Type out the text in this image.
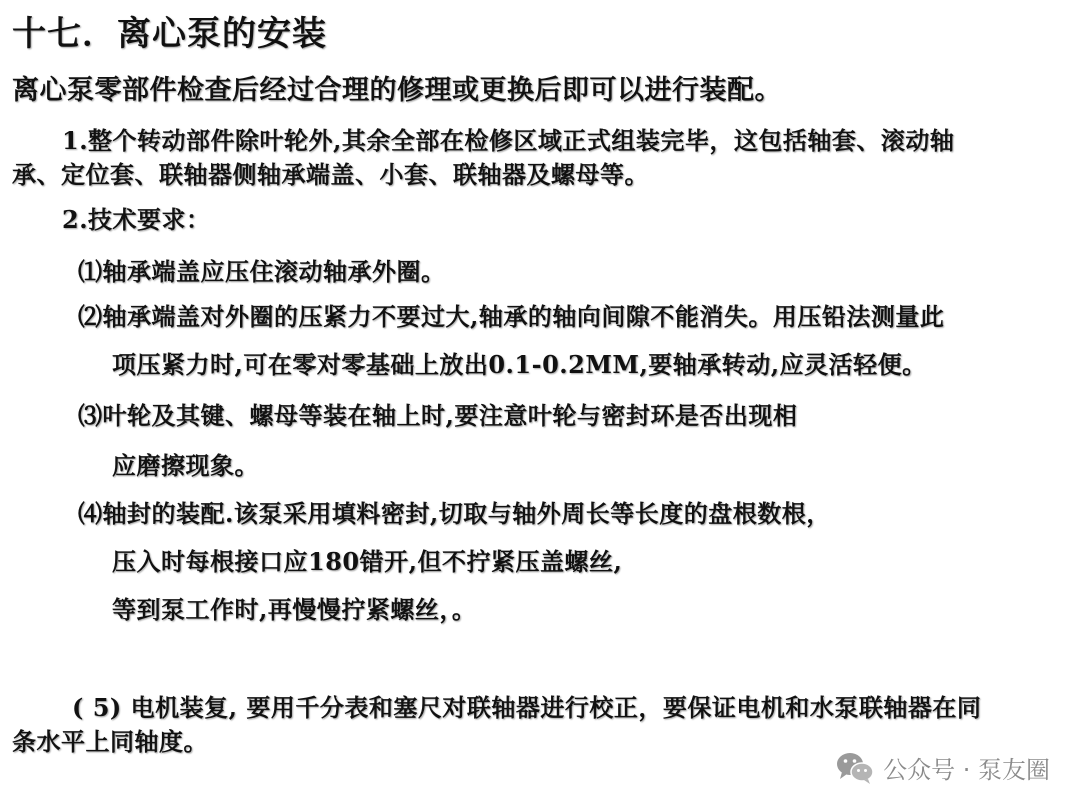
十七．离心泵的安装
离心泵零部件检查后经过合理的修理或更换后即可以进行装配。
1.整个转动部件除叶轮外,其余全部在检修区域正式组装完毕，这包括轴套、滚动轴
承、定位套、联轴器侧轴承端盖、小套、联轴器及螺母等。
2.技术要求：
⑴轴承端盖应压住滚动轴承外圈。
⑵轴承端盖对外圈的压紧力不要过大,轴承的轴向间隙不能消失。用压铅法测量此
项压紧力时,可在零对零基础上放出0.1-0.2MM,要轴承转动,应灵活轻便。
⑶叶轮及其键、螺母等装在轴上时,要注意叶轮与密封环是否出现相
应磨擦现象。
⑷轴封的装配.该泵采用填料密封,切取与轴外周长等长度的盘根数根，
压入时每根接口应180错开,但不拧紧压盖螺丝,
等到泵工作时,再慢慢拧紧螺丝，。
( 5) 电机装复, 要用千分表和塞尺对联轴器进行校正，要保证电机和水泵联轴器在同
条水平上同轴度。
公众号 · 泵友圈
